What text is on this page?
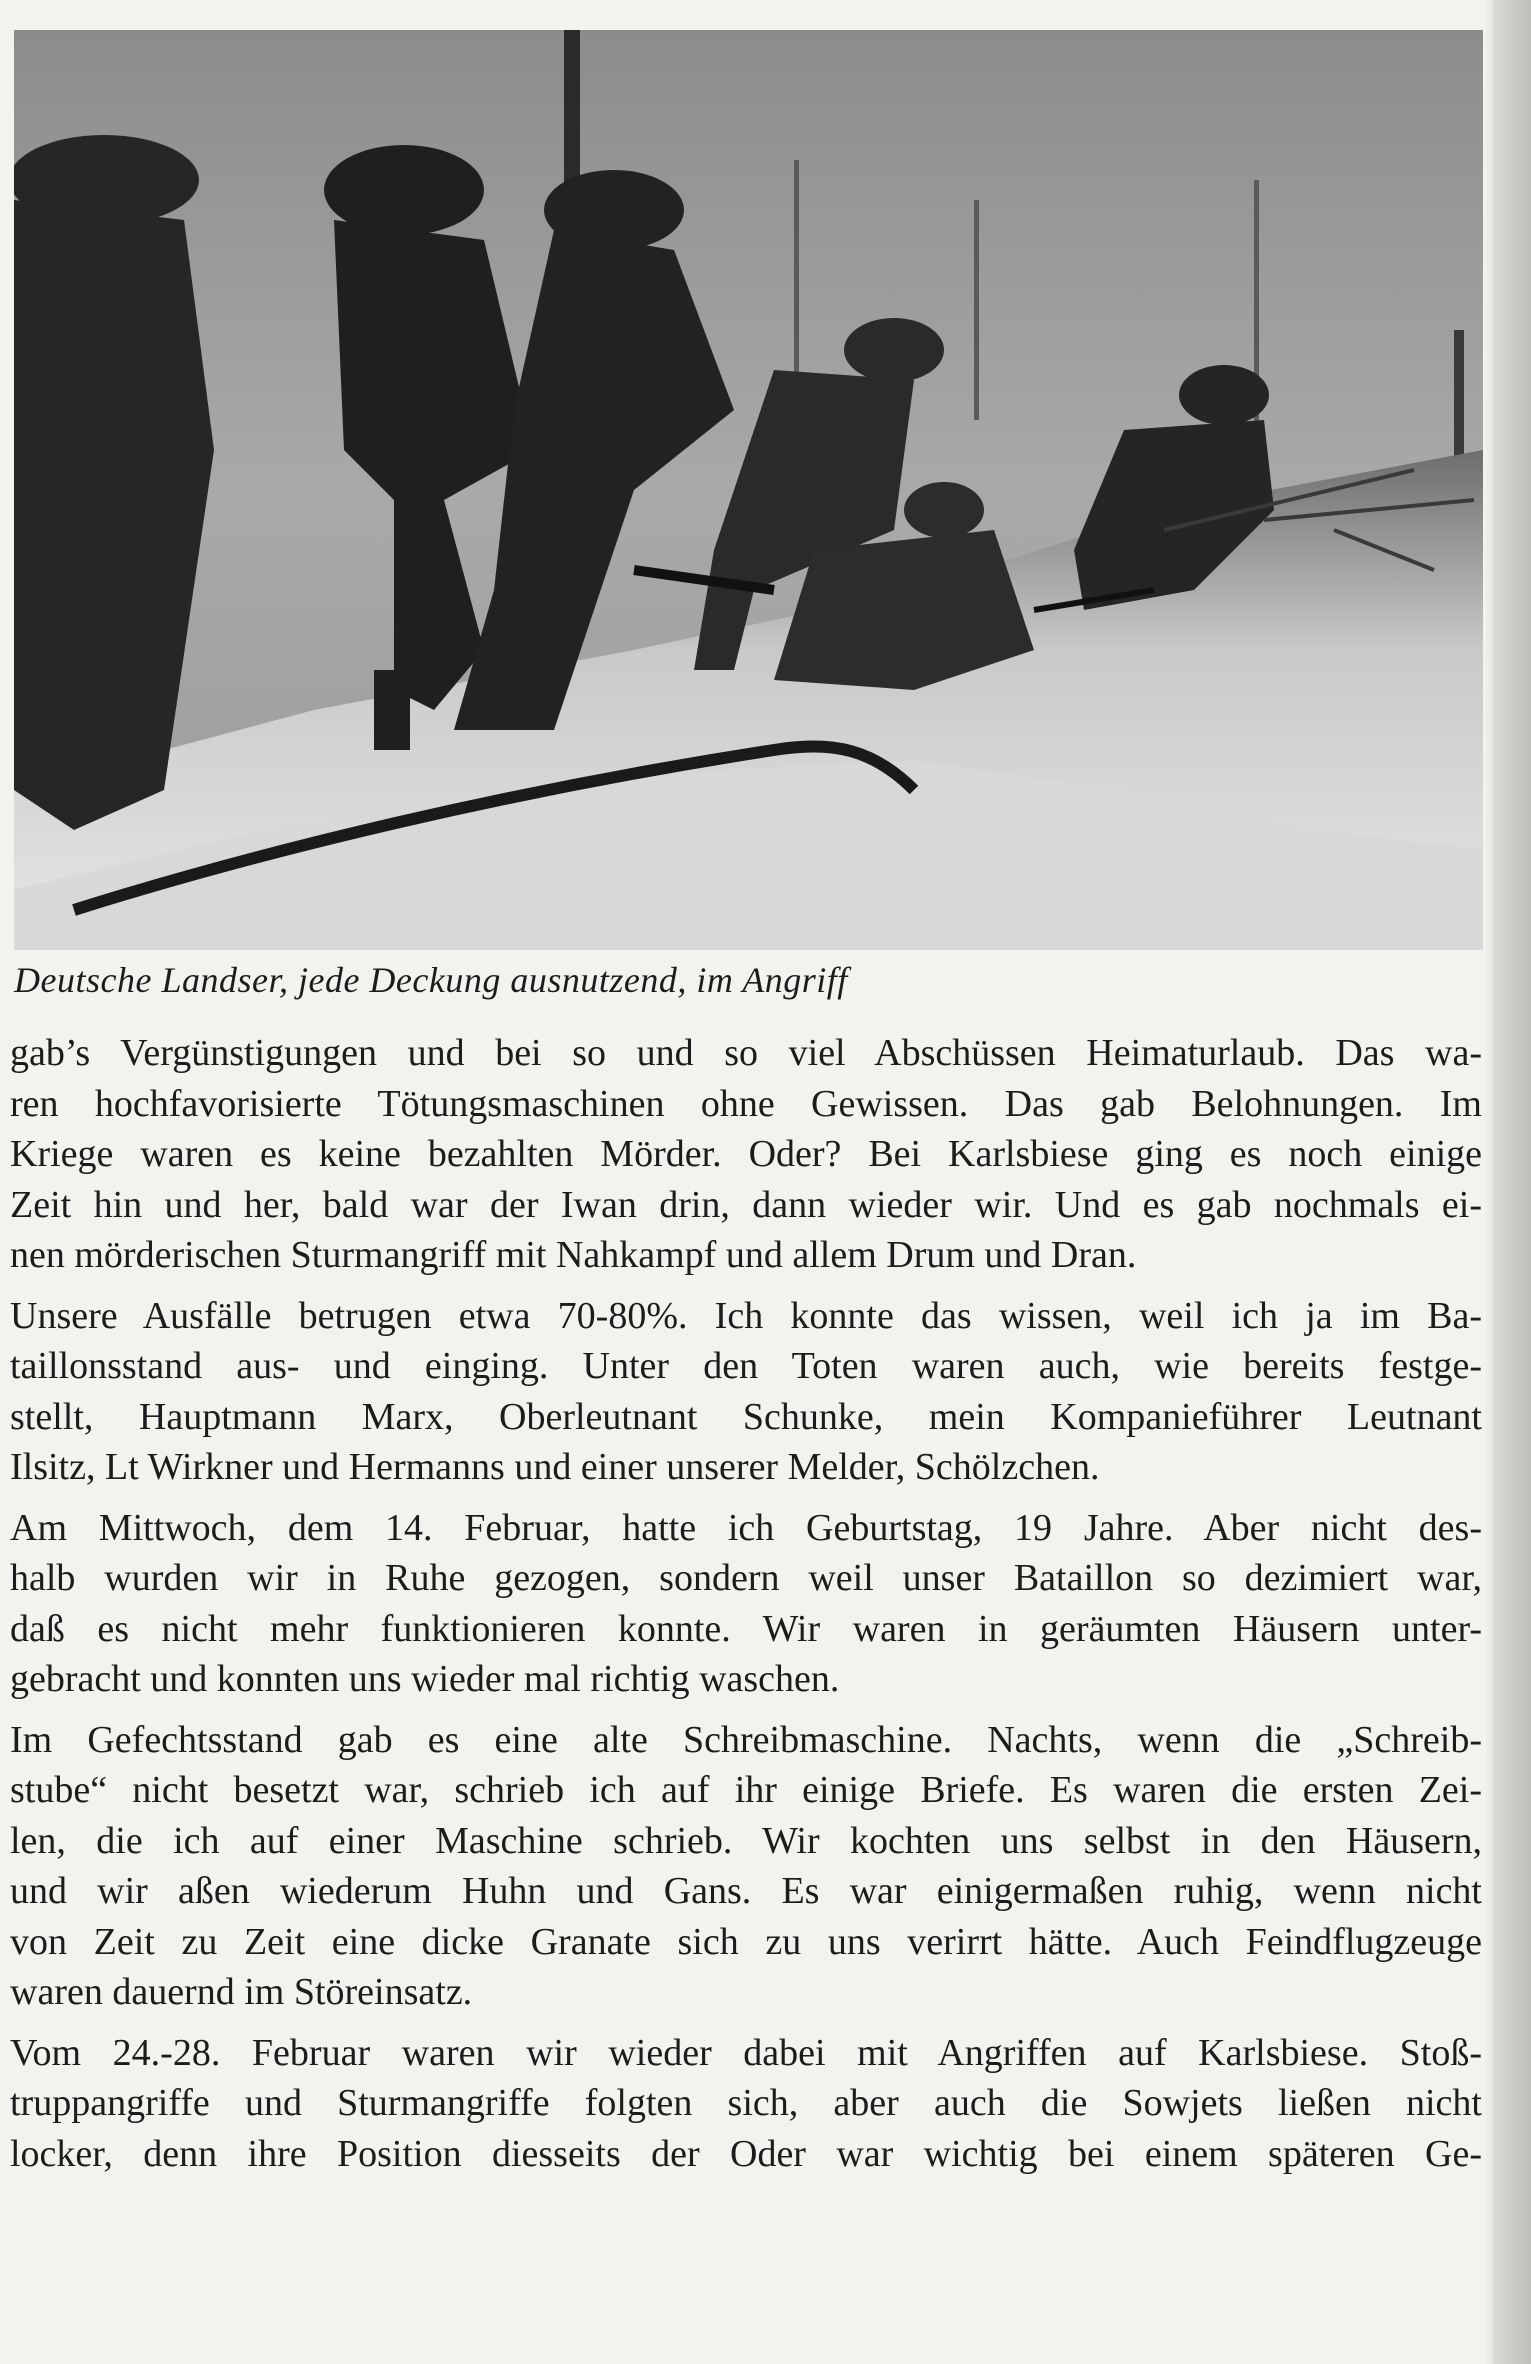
Deutsche Landser, jede Deckung ausnutzend, im Angriff

gab’s Vergünstigungen und bei so und so viel Abschüssen Heimaturlaub. Das wa-
ren hochfavorisierte Tötungsmaschinen ohne Gewissen. Das gab Belohnungen. Im
Kriege waren es keine bezahlten Mörder. Oder? Bei Karlsbiese ging es noch einige
Zeit hin und her, bald war der Iwan drin, dann wieder wir. Und es gab nochmals ei-
nen mörderischen Sturmangriff mit Nahkampf und allem Drum und Dran.

Unsere Ausfälle betrugen etwa 70-80%. Ich konnte das wissen, weil ich ja im Ba-
taillonsstand aus- und einging. Unter den Toten waren auch, wie bereits festge-
stellt, Hauptmann Marx, Oberleutnant Schunke, mein Kompanieführer Leutnant
Ilsitz, Lt Wirkner und Hermanns und einer unserer Melder, Schölzchen.

Am Mittwoch, dem 14. Februar, hatte ich Geburtstag, 19 Jahre. Aber nicht des-
halb wurden wir in Ruhe gezogen, sondern weil unser Bataillon so dezimiert war,
daß es nicht mehr funktionieren konnte. Wir waren in geräumten Häusern unter-
gebracht und konnten uns wieder mal richtig waschen.

Im Gefechtsstand gab es eine alte Schreibmaschine. Nachts, wenn die „Schreib-
stube“ nicht besetzt war, schrieb ich auf ihr einige Briefe. Es waren die ersten Zei-
len, die ich auf einer Maschine schrieb. Wir kochten uns selbst in den Häusern,
und wir aßen wiederum Huhn und Gans. Es war einigermaßen ruhig, wenn nicht
von Zeit zu Zeit eine dicke Granate sich zu uns verirrt hätte. Auch Feindflugzeuge
waren dauernd im Störeinsatz.

Vom 24.-28. Februar waren wir wieder dabei mit Angriffen auf Karlsbiese. Stoß-
truppangriffe und Sturmangriffe folgten sich, aber auch die Sowjets ließen nicht
locker, denn ihre Position diesseits der Oder war wichtig bei einem späteren Ge-
